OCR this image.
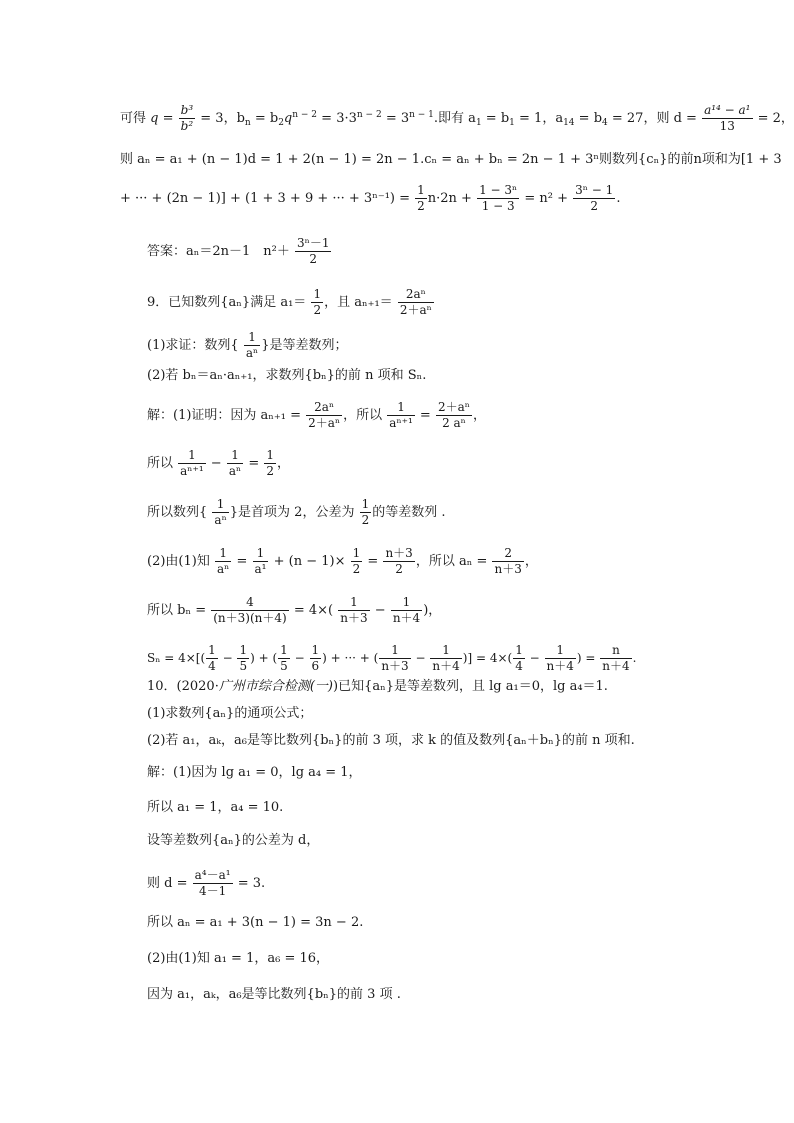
可得 $q = \frac{\text{b³}}{\text{b²}} = 3$，$b_n = b_2q^{n - 2} = 3\cdot 3^{n - 2} = 3^{n - 1}$.即有 $a_1 = b_1 = 1$，$a_{14} = b_4 = 27$，则 $d = \frac{\text{a¹⁴ − a¹}}{13} = 2$，
则 aₙ = a₁ + (n − 1)d = 1 + 2(n − 1) = 2n − 1.cₙ = aₙ + bₙ = 2n − 1 + 3ⁿ则数列{cₙ}的前n项和为[1 + 3
+ ··· + (2n − 1)] + (1 + 3 + 9 + ··· + $3^{n-1}) = \frac{1}{2} n\cdot 2n + \frac{\text{1 − 3ⁿ}}{1 - 3} = n^2 + \frac{\text{3ⁿ − 1}}{2}$ .
答案：aₙ＝2n－1　$n^2+ \frac{\text{3ⁿ－1}}{2}$
9．已知数列{aₙ}满足 $a_1= \frac{1}{2}$ ，且 $a_{n+1}= \frac{\text{2aⁿ}}{\text{2＋aⁿ}}$
(1)求证：数列{ $\frac{1}{\text{aⁿ}}$ }是等差数列；
(2)若 bₙ＝aₙ·aₙ₊₁，求数列{bₙ}的前 n 项和 Sₙ.
解：(1)证明：因为 $a_{n+1} = \frac{\text{2aⁿ}}{\text{2＋aⁿ}}$ ，所以 $\frac{1}{\text{aⁿ⁺¹}} = \frac{\text{2＋aⁿ}}{\text{2 aⁿ}}$ ，
所以 $\frac{1}{\text{aⁿ⁺¹}} - \frac{1}{\text{aⁿ}} = \frac{1}{2}$ ，
所以数列{ $\frac{1}{\text{aⁿ}}$ }是首项为 2，公差为 $\frac{1}{2}$ 的等差数列 .
(2)由(1)知 $\frac{1}{\text{aⁿ}} = \frac{1}{\text{a¹}} + (n - 1)\times \frac{1}{2} = \frac{n+3}{2}$ ，所以 $a_n = \frac{2}{n+3}$ ，
所以 $b_n = \frac{4}{(n+3)(n+4)} = 4\times( \frac{1}{n+3} - \frac{1}{n+4}$ )，
$S_n = 4\times[( \frac{1}{4} - \frac{1}{5}$ ) + ( $\frac{1}{5} - \frac{1}{6}$ ) + ··· + ( $\frac{1}{n+3} - \frac{1}{n+4}$ )] = $4\times( \frac{1}{4} - \frac{1}{n+4}$ ) = $\frac{n}{n+4}$ .
10．(2020·广州市综合检测(一))已知{aₙ}是等差数列，且 lg a₁＝0，lg a₄＝1.
(1)求数列{aₙ}的通项公式；
(2)若 a₁，aₖ，a₆是等比数列{bₙ}的前 3 项，求 k 的值及数列{aₙ＋bₙ}的前 n 项和.
解：(1)因为 lg a₁ = 0，lg a₄ = 1，
所以 a₁ = 1，a₄ = 10.
设等差数列{aₙ}的公差为 d，
则 $d = \frac{\text{a⁴－a¹}}{4-1} = 3$.
所以 aₙ = a₁ + 3(n − 1) = 3n − 2.
(2)由(1)知 a₁ = 1，a₆ = 16，
因为 a₁，aₖ，a₆是等比数列{bₙ}的前 3 项 .
